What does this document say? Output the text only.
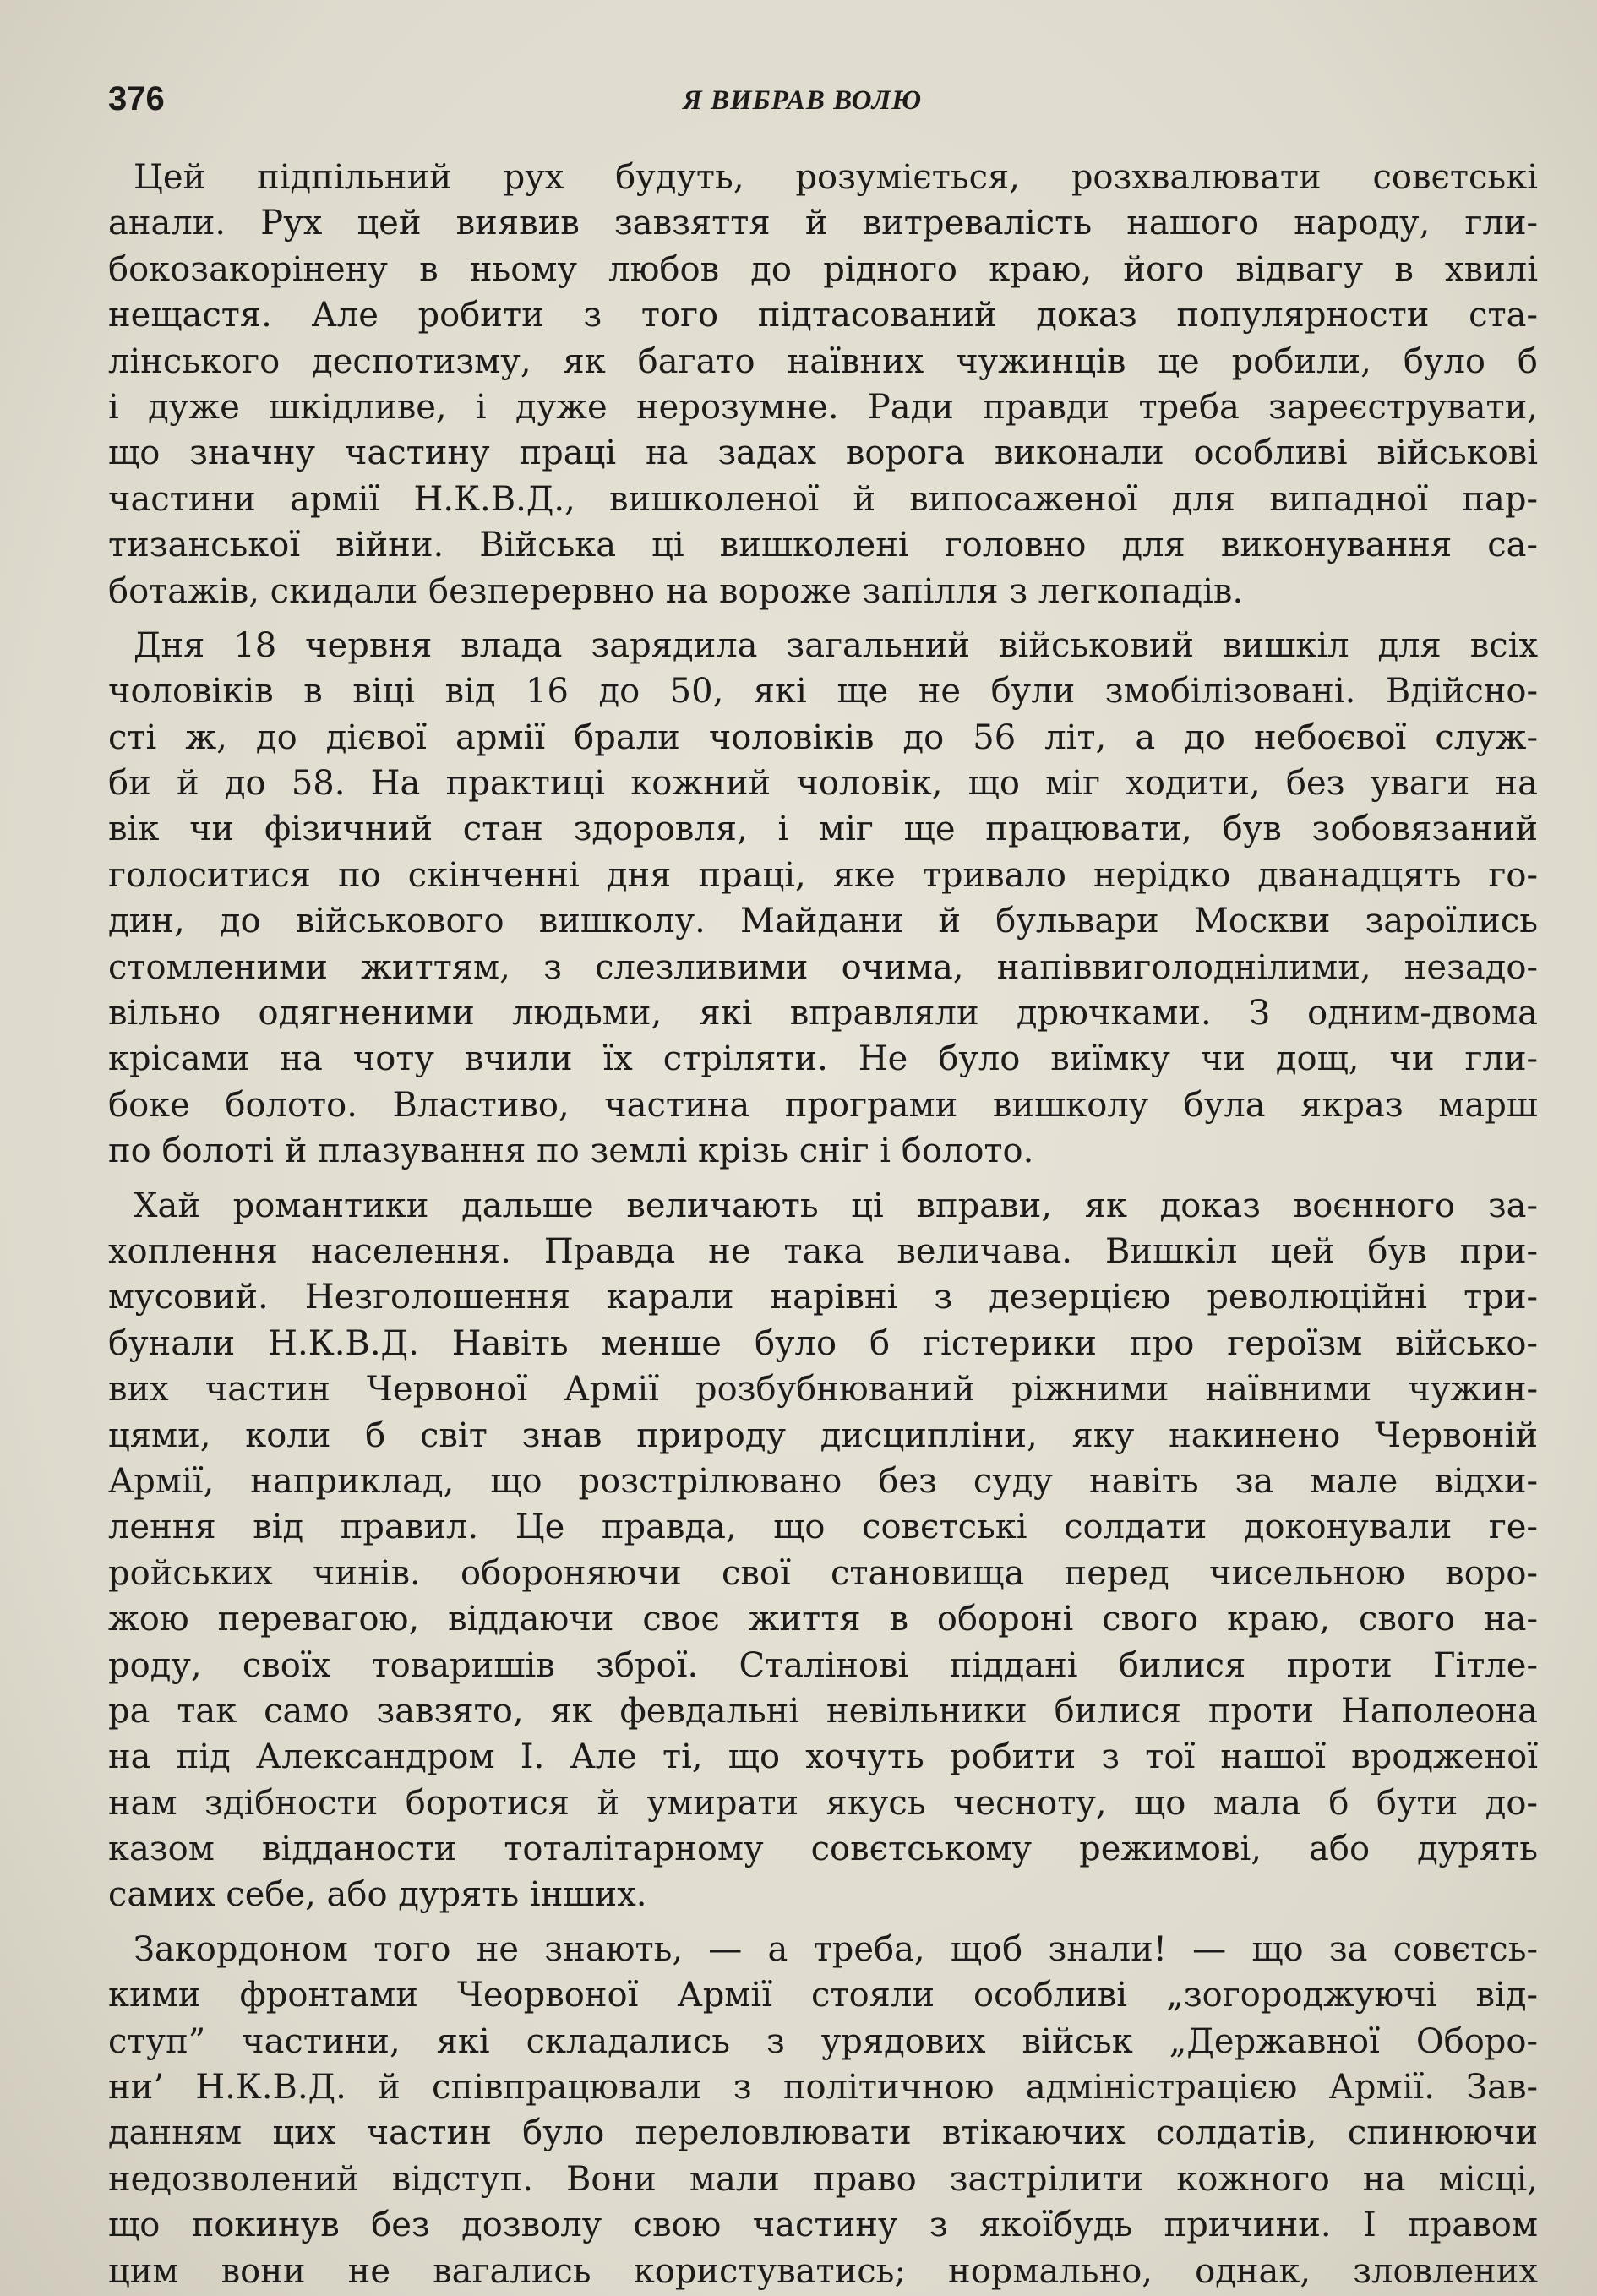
376	Я ВИБРАВ ВОЛЮ
Цей підпільний рух будуть, розуміється, розхвалювати совєтські
анали. Рух цей виявив завзяття й витреваліcть нашого народу, гли-
бокозакорінену в ньому любов до рідного краю, його відвагу в хвилі
нещастя. Але робити з того підтасований доказ популярности ста-
лінського деспотизму, як багато наївних чужинців це робили, було б
і дуже шкідливе, і дуже нерозумне. Ради правди треба зареєструвати,
що значну частину праці на задах ворога виконали особливі військові
частини армії Н.К.В.Д., вишколеної й випосаженої для випадної пар-
тизанської війни. Війська ці вишколені головно для виконування са-
ботажів, скидали безперервно на вороже запілля з легкопадів.
Дня 18 червня влада зарядила загальний військовий вишкіл для всіх
чоловіків в віці від 16 до 50, які ще не були змобілізовані. Вдійсно-
сті ж, до дієвої армії брали чоловіків до 56 літ, а до небоєвої служ-
би й до 58. На практиці кожний чоловік, що міг ходити, без уваги на
вік чи фізичний стан здоровля, і міг ще працювати, був зобовязаний
голоситися по скінченні дня праці, яке тривало нерідко дванадцять го-
дин, до військового вишколу. Майдани й бульвари Москви зароїлись
стомленими життям, з слезливими очима, напіввиголоднілими, незадо-
вільно одягненими людьми, які вправляли дрючками. З одним-двома
крісами на чоту вчили їх стріляти. Не було виїмку чи дощ, чи гли-
боке болото. Властиво, частина програми вишколу була якраз марш
по болоті й плазування по землі крізь сніг і болото.
Хай романтики дальше величають ці вправи, як доказ воєнного за-
хоплення населення. Правда не така величава. Вишкіл цей був при-
мусовий. Незголошення карали нарівні з дезерцією революційні три-
бунали Н.К.В.Д. Навіть менше було б гістерики про героїзм військо-
вих частин Червоної Армії розбубнюваний ріжними наївними чужин-
цями, коли б світ знав природу дисципліни, яку накинено Червоній
Армії, наприклад, що розстрілювано без суду навіть за мале відхи-
лення від правил. Це правда, що совєтські солдати доконували ге-
ройських чинів. обороняючи свої становища перед чисельною воро-
жою перевагою, віддаючи своє життя в обороні свого краю, свого на-
роду, своїх товаришів зброї. Сталінові піддані билися проти Гітле-
ра так само завзято, як февдальні невільники билися проти Наполеона
на під Александром І. Але ті, що хочуть робити з тої нашої вродженої
нам здібности боротися й умирати якусь чесноту, що мала б бути до-
казом відданости тоталітарному совєтському режимові, або дурять
самих себе, або дурять інших.
Закордоном того не знають, — а треба, щоб знали! — що за совєтсь-
кими фронтами Чеорвоної Армії стояли особливі „зогороджуючі від-
ступ” частини, які складались з урядових військ „Державної Оборо-
ни’ Н.К.В.Д. й співпрацювали з політичною адміністрацією Армії. Зав-
данням цих частин було переловлювати втікаючих солдатів, спинюючи
недозволений відступ. Вони мали право застрілити кожного на місці,
що покинув без дозволу свою частину з якоїбудь причини. І правом
цим вони не вагались користуватись; нормально, однак, зловлених
